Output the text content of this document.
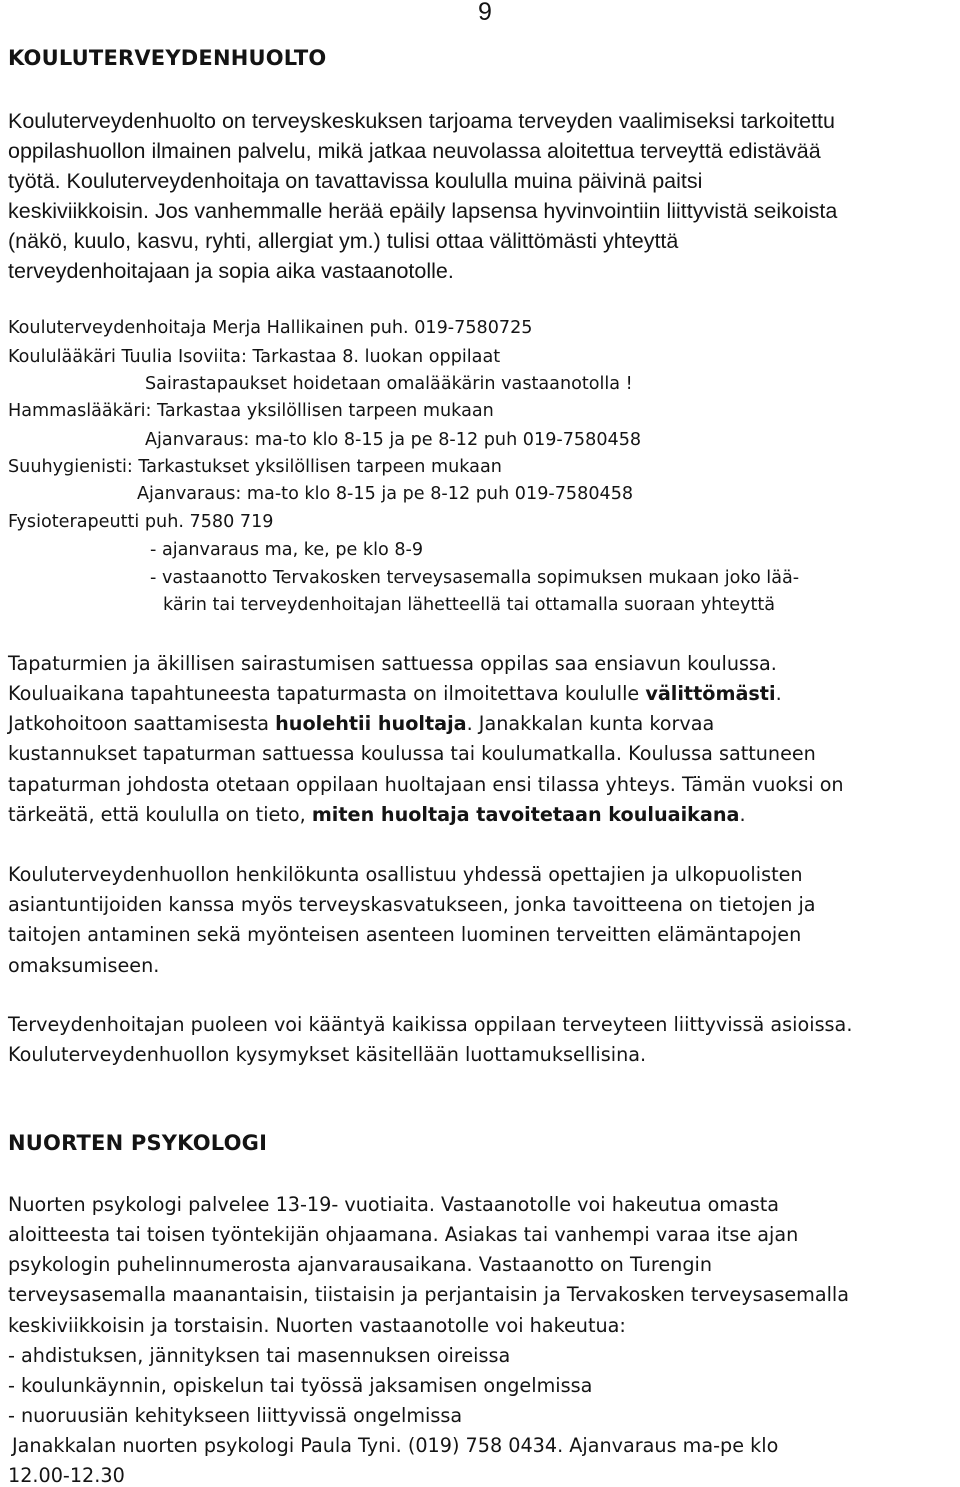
9
KOULUTERVEYDENHUOLTO
Kouluterveydenhuolto on terveyskeskuksen tarjoama terveyden vaalimiseksi tarkoitettu
oppilashuollon ilmainen palvelu, mikä jatkaa neuvolassa aloitettua terveyttä edistävää
työtä. Kouluterveydenhoitaja on tavattavissa koululla muina päivinä paitsi
keskiviikkoisin. Jos vanhemmalle herää epäily lapsensa hyvinvointiin liittyvistä seikoista
(näkö, kuulo, kasvu, ryhti, allergiat ym.) tulisi ottaa välittömästi yhteyttä
terveydenhoitajaan ja sopia aika vastaanotolle.
Kouluterveydenhoitaja Merja Hallikainen puh. 019-7580725
Koululääkäri Tuulia Isoviita: Tarkastaa 8. luokan oppilaat
Sairastapaukset hoidetaan omalääkärin vastaanotolla !
Hammaslääkäri: Tarkastaa yksilöllisen tarpeen mukaan
Ajanvaraus: ma-to klo 8-15 ja pe 8-12 puh 019-7580458
Suuhygienisti: Tarkastukset yksilöllisen tarpeen mukaan
Ajanvaraus: ma-to klo 8-15 ja pe 8-12 puh 019-7580458
Fysioterapeutti puh. 7580 719
- ajanvaraus ma, ke, pe klo 8-9
- vastaanotto Tervakosken terveysasemalla sopimuksen mukaan joko lää-
kärin tai terveydenhoitajan lähetteellä tai ottamalla suoraan yhteyttä
Tapaturmien ja äkillisen sairastumisen sattuessa oppilas saa ensiavun koulussa.
Kouluaikana tapahtuneesta tapaturmasta on ilmoitettava koululle välittömästi.
Jatkohoitoon saattamisesta huolehtii huoltaja. Janakkalan kunta korvaa
kustannukset tapaturman sattuessa koulussa tai koulumatkalla. Koulussa sattuneen
tapaturman johdosta otetaan oppilaan huoltajaan ensi tilassa yhteys. Tämän vuoksi on
tärkeätä, että koululla on tieto, miten huoltaja tavoitetaan kouluaikana.
Kouluterveydenhuollon henkilökunta osallistuu yhdessä opettajien ja ulkopuolisten
asiantuntijoiden kanssa myös terveyskasvatukseen, jonka tavoitteena on tietojen ja
taitojen antaminen sekä myönteisen asenteen luominen terveitten elämäntapojen
omaksumiseen.
Terveydenhoitajan puoleen voi kääntyä kaikissa oppilaan terveyteen liittyvissä asioissa.
Kouluterveydenhuollon kysymykset käsitellään luottamuksellisina.
NUORTEN PSYKOLOGI
Nuorten psykologi palvelee 13-19- vuotiaita. Vastaanotolle voi hakeutua omasta
aloitteesta tai toisen työntekijän ohjaamana. Asiakas tai vanhempi varaa itse ajan
psykologin puhelinnumerosta ajanvarausaikana. Vastaanotto on Turengin
terveysasemalla maanantaisin, tiistaisin ja perjantaisin ja Tervakosken terveysasemalla
keskiviikkoisin ja torstaisin. Nuorten vastaanotolle voi hakeutua:
- ahdistuksen, jännityksen tai masennuksen oireissa
- koulunkäynnin, opiskelun tai työssä jaksamisen ongelmissa
- nuoruusiän kehitykseen liittyvissä ongelmissa
Janakkalan nuorten psykologi Paula Tyni. (019) 758 0434. Ajanvaraus ma-pe klo
12.00-12.30
